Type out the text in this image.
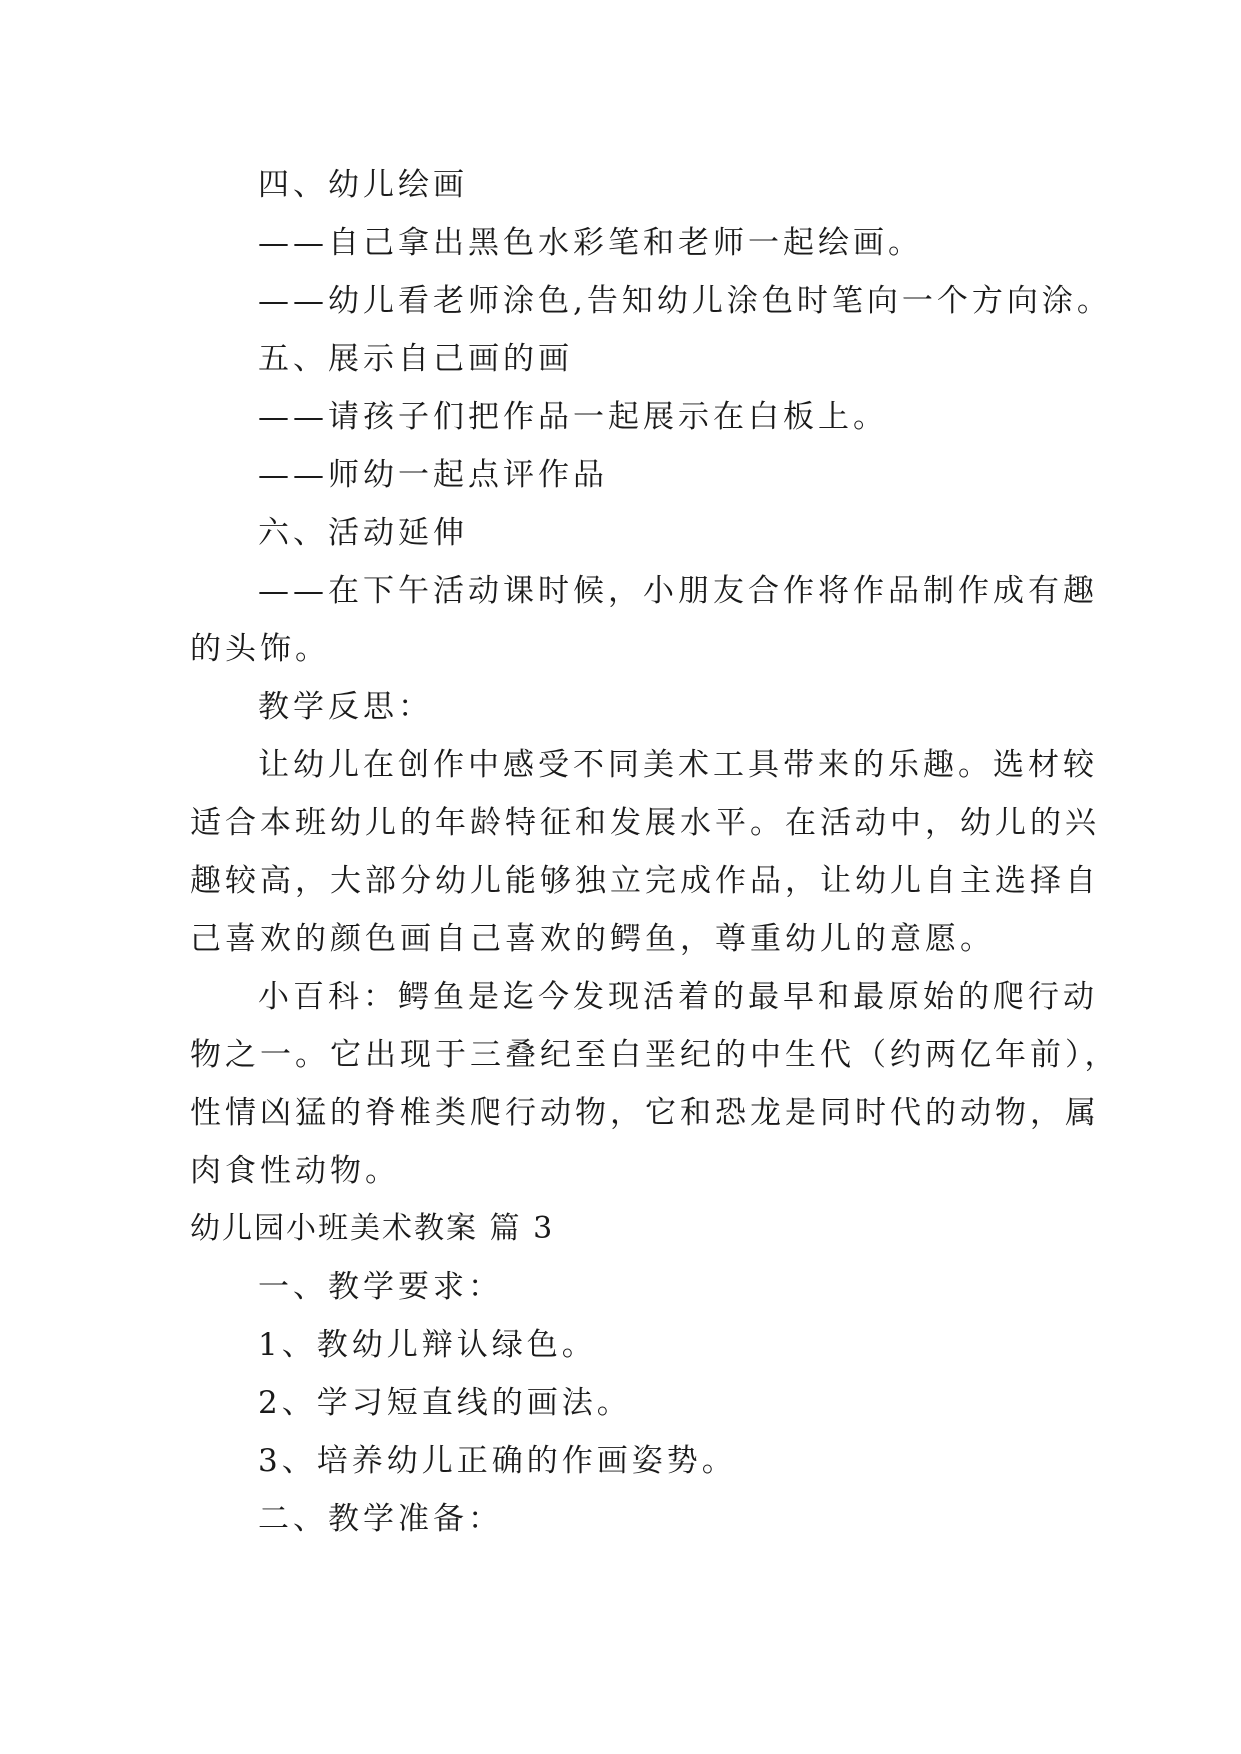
四、幼儿绘画
——自己拿出黑色水彩笔和老师一起绘画。
——幼儿看老师涂色,告知幼儿涂色时笔向一个方向涂。
五、展示自己画的画
——请孩子们把作品一起展示在白板上。
——师幼一起点评作品
六、活动延伸
——在下午活动课时候，小朋友合作将作品制作成有趣
的头饰。
教学反思：
让幼儿在创作中感受不同美术工具带来的乐趣。选材较
适合本班幼儿的年龄特征和发展水平。在活动中，幼儿的兴
趣较高，大部分幼儿能够独立完成作品，让幼儿自主选择自
己喜欢的颜色画自己喜欢的鳄鱼，尊重幼儿的意愿。
小百科：鳄鱼是迄今发现活着的最早和最原始的爬行动
物之一。它出现于三叠纪至白垩纪的中生代（约两亿年前），
性情凶猛的脊椎类爬行动物，它和恐龙是同时代的动物，属
肉食性动物。
幼儿园小班美术教案 篇 3
一、教学要求：
1、教幼儿辩认绿色。
2、学习短直线的画法。
3、培养幼儿正确的作画姿势。
二、教学准备：
